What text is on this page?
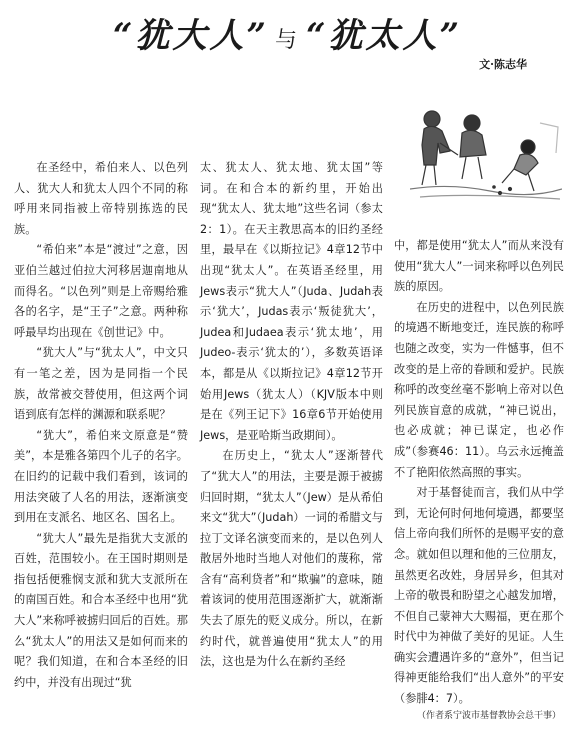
“犹大人” 与 “犹太人”
文·陈志华

在圣经中，希伯来人、以色列人、犹大人和犹太人四个不同的称呼用来同指被上帝特别拣选的民族。

“希伯来”本是“渡过”之意，因亚伯兰越过伯拉大河移居迦南地从而得名。“以色列”则是上帝赐给雅各的名字，是“王子”之意。两种称呼最早均出现在《创世记》中。

“犹大人”与“犹太人”，中文只有一笔之差，因为是同指一个民族，故常被交替使用，但这两个词语到底有怎样的渊源和联系呢？

“犹大”，希伯来文原意是“赞美”，本是雅各第四个儿子的名字。在旧约的记载中我们看到，该词的用法突破了人名的用法，逐渐演变到用在支派名、地区名、国名上。

“犹大人”最先是指犹大支派的百姓，范围较小。在王国时期则是指包括便雅悯支派和犹大支派所在的南国百姓。和合本圣经中也用“犹大人”来称呼被掳归回后的百姓。那么“犹太人”的用法又是如何而来的呢？我们知道，在和合本圣经的旧约中，并没有出现过“犹

太、犹太人、犹太地、犹太国”等词。在和合本的新约里，开始出现“犹太人、犹太地”这些名词（参太2：1）。在天主教思高本的旧约圣经里，最早在《以斯拉记》4章12节中出现“犹太人”。在英语圣经里，用Jews表示“犹大人”（Juda、Judah表示‘犹大’，Judas表示‘叛徒犹大’，Judea和Judaea表示‘犹太地’，用Judeo-表示‘犹太的’），多数英语译本，都是从《以斯拉记》4章12节开始用Jews（犹太人）（KJV版本中则是在《列王记下》16章6节开始使用Jews，是亚哈斯当政期间）。

在历史上，“犹太人”逐渐替代了“犹大人”的用法，主要是源于被掳归回时期，“犹太人”（Jew）是从希伯来文“犹大”（Judah）一词的希腊文与拉丁文译名演变而来的，是以色列人散居外地时当地人对他们的蔑称，常含有“高利贷者”和“欺骗”的意味，随着该词的使用范围逐渐扩大，就渐渐失去了原先的贬义成分。所以，在新约时代，就普遍使用“犹太人”的用法，这也是为什么在新约圣经

中，都是使用“犹太人”而从来没有使用“犹大人”一词来称呼以色列民族的原因。

在历史的进程中，以色列民族的境遇不断地变迁，连民族的称呼也随之改变，实为一件憾事，但不改变的是上帝的眷顾和爱护。民族称呼的改变丝毫不影响上帝对以色列民族盲意的成就，“神已说出，也必成就；神已谋定，也必作成”（参赛46：11）。乌云永远掩盖不了艳阳依然高照的事实。

对于基督徒而言，我们从中学到，无论何时何地何境遇，都要坚信上帝向我们所怀的是赐平安的意念。就如但以理和他的三位朋友，虽然更名改姓，身居异乡，但其对上帝的敬畏和盼望之心越发加增，不但自己蒙神大大赐福，更在那个时代中为神做了美好的见证。人生确实会遭遇许多的“意外”，但当记得神更能给我们“出人意外”的平安（参腓4：7）。

（作者系宁波市基督教协会总干事）
